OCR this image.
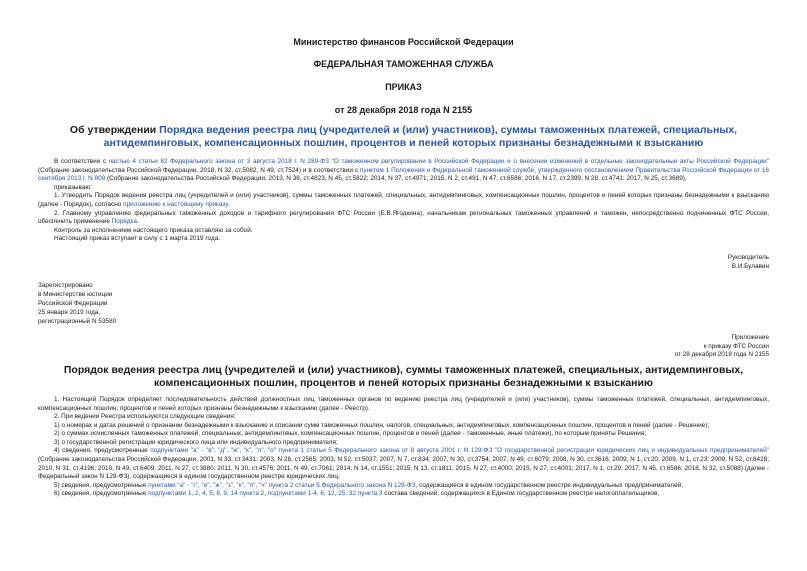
Министерство финансов Российской Федерации
ФЕДЕРАЛЬНАЯ ТАМОЖЕННАЯ СЛУЖБА
ПРИКАЗ
от 28 декабря 2018 года N 2155
Об утверждении Порядка ведения реестра лиц (учредителей и (или) участников), суммы таможенных платежей, специальных, антидемпинговых, компенсационных пошлин, процентов и пеней которых признаны безнадежными к взысканию

В соответствии с частью 4 статьи 82 Федерального закона от 3 августа 2018 г. N 289-ФЗ "О таможенном регулировании в Российской Федерации и о внесении изменений в отдельные законодательные акты Российской Федерации" (Собрание законодательства Российской Федерации, 2018, N 32, ст.5082, N 49, ст.7524) и в соответствии с пунктом 1 Положения о Федеральной таможенной службе, утвержденного постановлением Правительства Российской Федерации от 16 сентября 2013 г. N 809 (Собрание законодательства Российской Федерации, 2013, N 38, ст.4823, N 45, ст.5822; 2014, N 37, ст.4971; 2015, N 2, ст.491, N 47, ст.6586; 2016, N 17, ст.2399, N 28, ст.4741; 2017, N 25, ст.3689),

приказываю:

1. Утвердить Порядок ведения реестра лиц (учредителей и (или) участников), суммы таможенных платежей, специальных, антидемпинговых, компенсационных пошлин, процентов и пеней которых признаны безнадежными к взысканию (далее - Порядок), согласно приложению к настоящему приказу.

2. Главному управлению федеральных таможенных доходов и тарифного регулирования ФТС России (Е.В.Ягодкина), начальникам региональных таможенных управлений и таможен, непосредственно подчиненных ФТС России, обеспечить применение Порядка.

Контроль за исполнением настоящего приказа оставляю за собой.

Настоящий приказ вступает в силу с 1 марта 2019 года.

Руководитель
В.И.Булавин
Зарегистрировано
в Министерстве юстиции
Российской Федерации
25 января 2019 года,
регистрационный N 53580
Приложение
к приказу ФТС России
от 28 декабря 2018 года N 2155
Порядок ведения реестра лиц (учредителей и (или) участников), суммы таможенных платежей, специальных, антидемпинговых, компенсационных пошлин, процентов и пеней которых признаны безнадежными к взысканию

1. Настоящий Порядок определяет последовательность действий должностных лиц таможенных органов по ведению реестра лиц (учредителей и (или) участников), суммы таможенных платежей, специальных, антидемпинговых, компенсационных пошлин, процентов и пеней которых признаны безнадежными к взысканию (далее - Реестр).

2. При ведении Реестра используются следующие сведения:

1) о номерах и датах решений о признании безнадежными к взысканию и списании сумм таможенных пошлин, налогов, специальных, антидемпинговых, компенсационных пошлин, процентов и пеней (далее - Решение);

2) о суммах исчисленных таможенных платежей, специальных, антидемпинговых, компенсационных пошлин, процентов и пеней (далее - таможенные, иные платежи), по которым приняты Решения;

3) о государственной регистрации юридического лица или индивидуального предпринимателя;

4) сведения, предусмотренные подпунктами "а" - "в", "д", "ж", "к", "л", "о" пункта 1 статьи 5 Федерального закона от 8 августа 2001 г. N 129-ФЗ "О государственной регистрации юридических лиц и индивидуальных предпринимателей" (Собрание законодательства Российской Федерации, 2001, N 33, ст.3431; 2003, N 26, ст.2565; 2003, N 52, ст.5037; 2007, N 7, ст.834; 2007, N 30, ст.3754; 2007, N 49, ст.6079; 2008, N 30, ст.3616; 2009, N 1, ст.20; 2009, N 1, ст.23; 2009, N 52, ст.6428; 2010, N 31, ст.4196; 2010, N 49, ст.6409; 2011, N 27, ст.3880; 2011, N 30, ст.4576; 2011, N 49, ст.7061; 2014, N 14, ст.1551; 2015, N 13, ст.1811; 2015, N 27, ст.4000; 2015, N 27, ст.4001; 2017, N 1, ст.29; 2017, N 45, ст.6586; 2018, N 32, ст.5088) (далее - Федеральный закон N 129-ФЗ), содержащиеся в едином государственном реестре юридических лиц;

5) сведения, предусмотренные пунктами "а" - "г", "е", "ж", "з", "к", "п", "ч" пункта 2 статьи 5 Федерального закона N 129-ФЗ, содержащиеся в едином государственном реестре индивидуальных предпринимателей;

6) сведения, предусмотренные подпунктами 1, 2, 4, 5, 8, 9, 14 пункта 2, подпунктами 1-4, 6, 12, 25, 32 пункта 3 состава сведений, содержащихся в Едином государственном реестре налогоплательщиков,
